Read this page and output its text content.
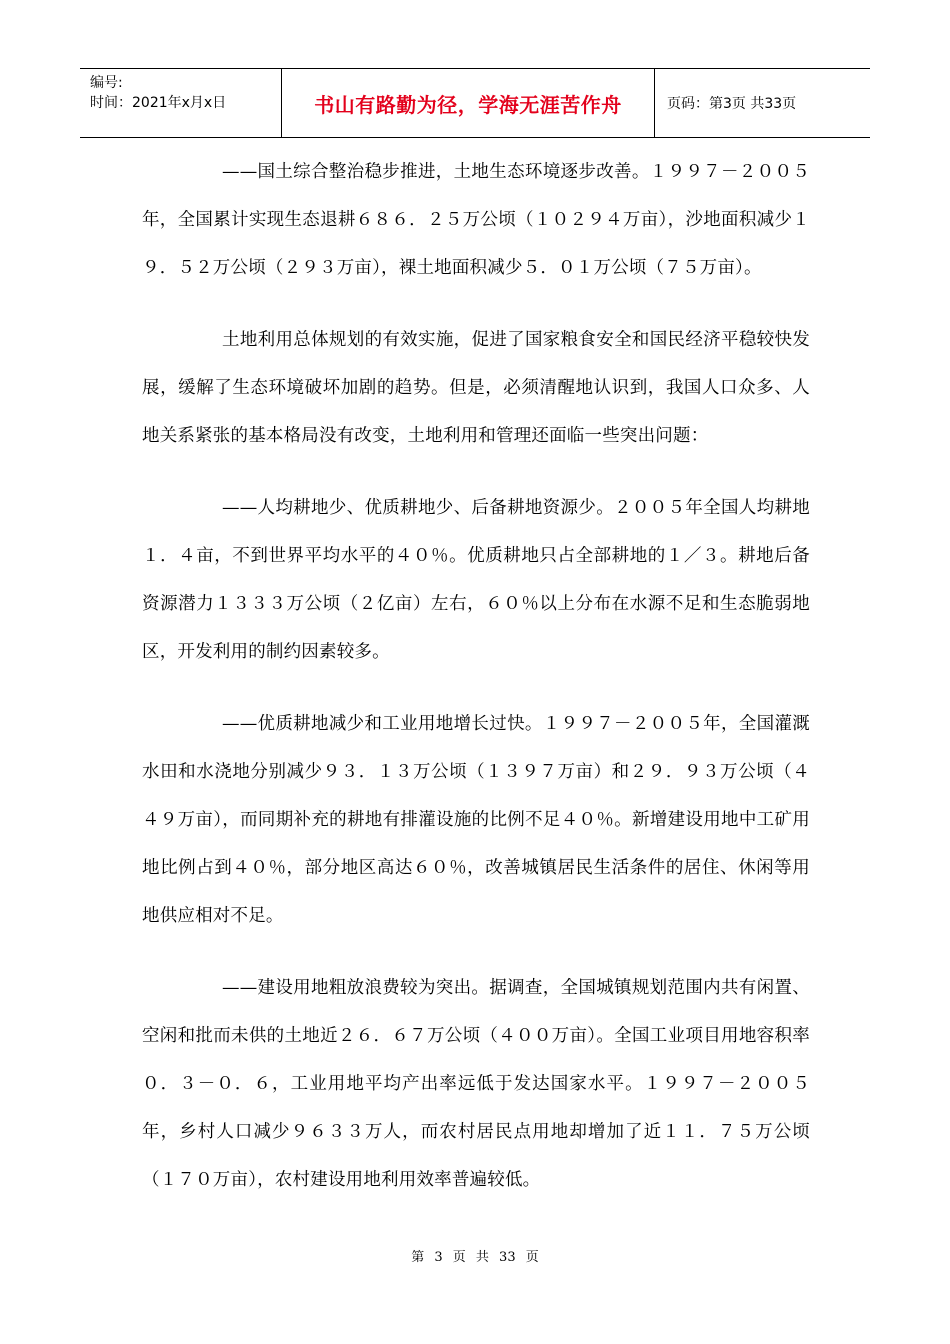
编号:
时间：2021年x月x日	书山有路勤为径，学海无涯苦作舟	页码：第3页 共33页

——国土综合整治稳步推进，土地生态环境逐步改善。１９９７－２００５年，全国累计实现生态退耕６８６．２５万公顷（１０２９４万亩），沙地面积减少１９．５２万公顷（２９３万亩），裸土地面积减少５．０１万公顷（７５万亩）。

土地利用总体规划的有效实施，促进了国家粮食安全和国民经济平稳较快发展，缓解了生态环境破坏加剧的趋势。但是，必须清醒地认识到，我国人口众多、人地关系紧张的基本格局没有改变，土地利用和管理还面临一些突出问题：

——人均耕地少、优质耕地少、后备耕地资源少。２００５年全国人均耕地１．４亩，不到世界平均水平的４０％。优质耕地只占全部耕地的１／３。耕地后备资源潜力１３３３万公顷（２亿亩）左右，６０％以上分布在水源不足和生态脆弱地区，开发利用的制约因素较多。

——优质耕地减少和工业用地增长过快。１９９７－２００５年，全国灌溉水田和水浇地分别减少９３．１３万公顷（１３９７万亩）和２９．９３万公顷（４４９万亩），而同期补充的耕地有排灌设施的比例不足４０％。新增建设用地中工矿用地比例占到４０％，部分地区高达６０％，改善城镇居民生活条件的居住、休闲等用地供应相对不足。

——建设用地粗放浪费较为突出。据调查，全国城镇规划范围内共有闲置、空闲和批而未供的土地近２６．６７万公顷（４００万亩）。全国工业项目用地容积率０．３－０．６，工业用地平均产出率远低于发达国家水平。１９９７－２００５年，乡村人口减少９６３３万人，而农村居民点用地却增加了近１１．７５万公顷（１７０万亩），农村建设用地利用效率普遍较低。

第 3 页 共 33 页
